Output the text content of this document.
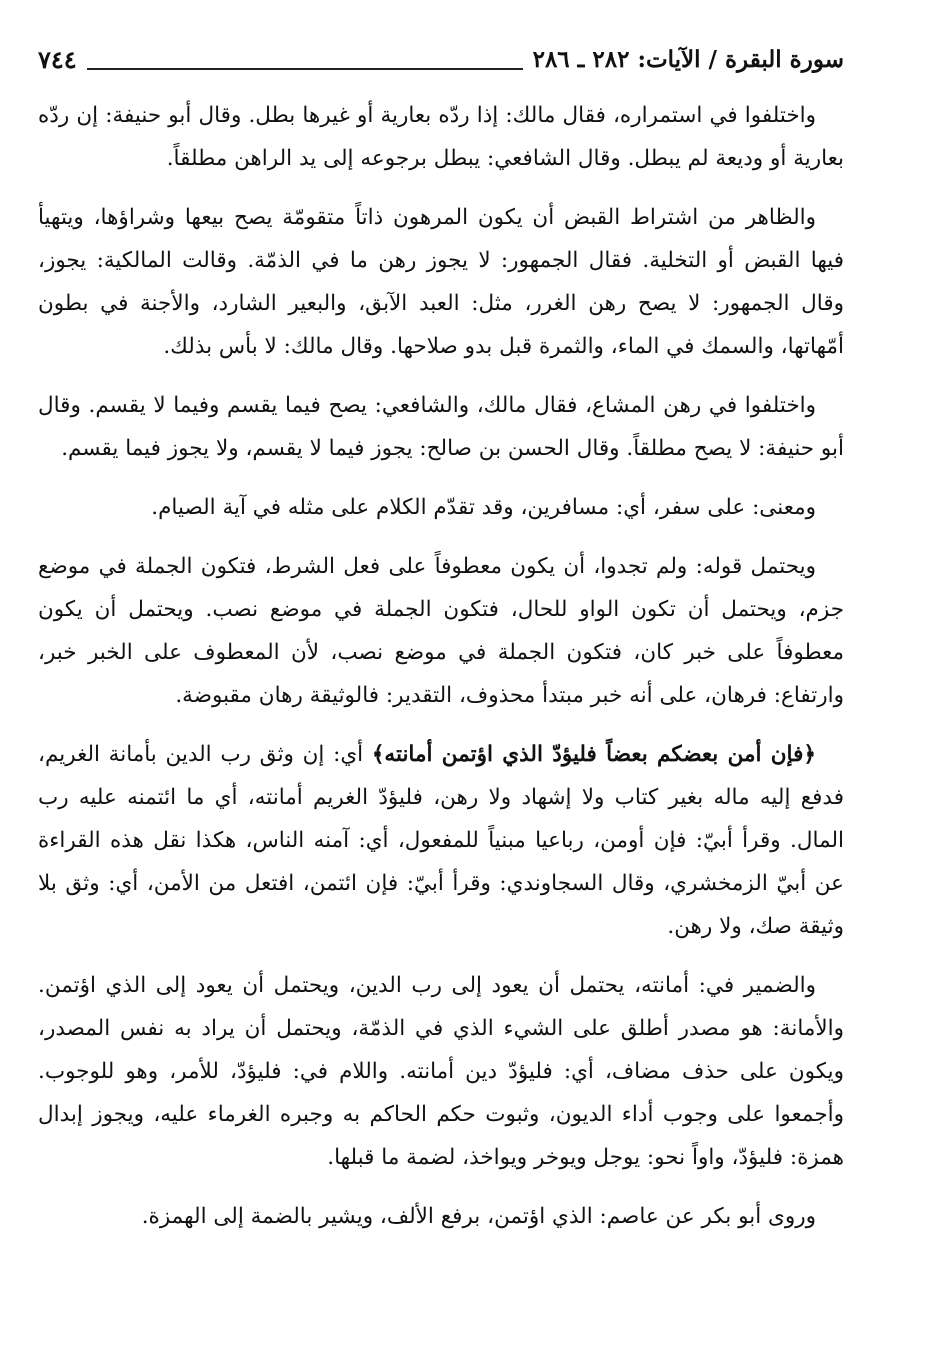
سورة البقرة / الآيات: ٢٨٢ ـ ٢٨٦
٧٤٤

واختلفوا في استمراره، فقال مالك: إذا ردّه بعارية أو غيرها بطل. وقال أبو حنيفة: إن ردّه بعارية أو وديعة لم يبطل. وقال الشافعي: يبطل برجوعه إلى يد الراهن مطلقاً.

والظاهر من اشتراط القبض أن يكون المرهون ذاتاً متقومّة يصح بيعها وشراؤها، ويتهيأ فيها القبض أو التخلية. فقال الجمهور: لا يجوز رهن ما في الذمّة. وقالت المالكية: يجوز، وقال الجمهور: لا يصح رهن الغرر، مثل: العبد الآبق، والبعير الشارد، والأجنة في بطون أمّهاتها، والسمك في الماء، والثمرة قبل بدو صلاحها. وقال مالك: لا بأس بذلك.

واختلفوا في رهن المشاع، فقال مالك، والشافعي: يصح فيما يقسم وفيما لا يقسم. وقال أبو حنيفة: لا يصح مطلقاً. وقال الحسن بن صالح: يجوز فيما لا يقسم، ولا يجوز فيما يقسم.

ومعنى: على سفر، أي: مسافرين، وقد تقدّم الكلام على مثله في آية الصيام.

ويحتمل قوله: ولم تجدوا، أن يكون معطوفاً على فعل الشرط، فتكون الجملة في موضع جزم، ويحتمل أن تكون الواو للحال، فتكون الجملة في موضع نصب. ويحتمل أن يكون معطوفاً على خبر كان، فتكون الجملة في موضع نصب، لأن المعطوف على الخبر خبر، وارتفاع: فرهان، على أنه خبر مبتدأ محذوف، التقدير: فالوثيقة رهان مقبوضة.

﴿فإن أمن بعضكم بعضاً فليؤدّ الذي اؤتمن أمانته﴾ أي: إن وثق رب الدين بأمانة الغريم، فدفع إليه ماله بغير كتاب ولا إشهاد ولا رهن، فليؤدّ الغريم أمانته، أي ما ائتمنه عليه رب المال. وقرأ أبيّ: فإن أومن، رباعيا مبنياً للمفعول، أي: آمنه الناس، هكذا نقل هذه القراءة عن أبيّ الزمخشري، وقال السجاوندي: وقرأ أبيّ: فإن ائتمن، افتعل من الأمن، أي: وثق بلا وثيقة صك، ولا رهن.

والضمير في: أمانته، يحتمل أن يعود إلى رب الدين، ويحتمل أن يعود إلى الذي اؤتمن. والأمانة: هو مصدر أطلق على الشيء الذي في الذمّة، ويحتمل أن يراد به نفس المصدر، ويكون على حذف مضاف، أي: فليؤدّ دين أمانته. واللام في: فليؤدّ، للأمر، وهو للوجوب. وأجمعوا على وجوب أداء الديون، وثبوت حكم الحاكم به وجبره الغرماء عليه، ويجوز إبدال همزة: فليؤدّ، واواً نحو: يوجل ويوخر ويواخذ، لضمة ما قبلها.

وروى أبو بكر عن عاصم: الذي اؤتمن، برفع الألف، ويشير بالضمة إلى الهمزة.
